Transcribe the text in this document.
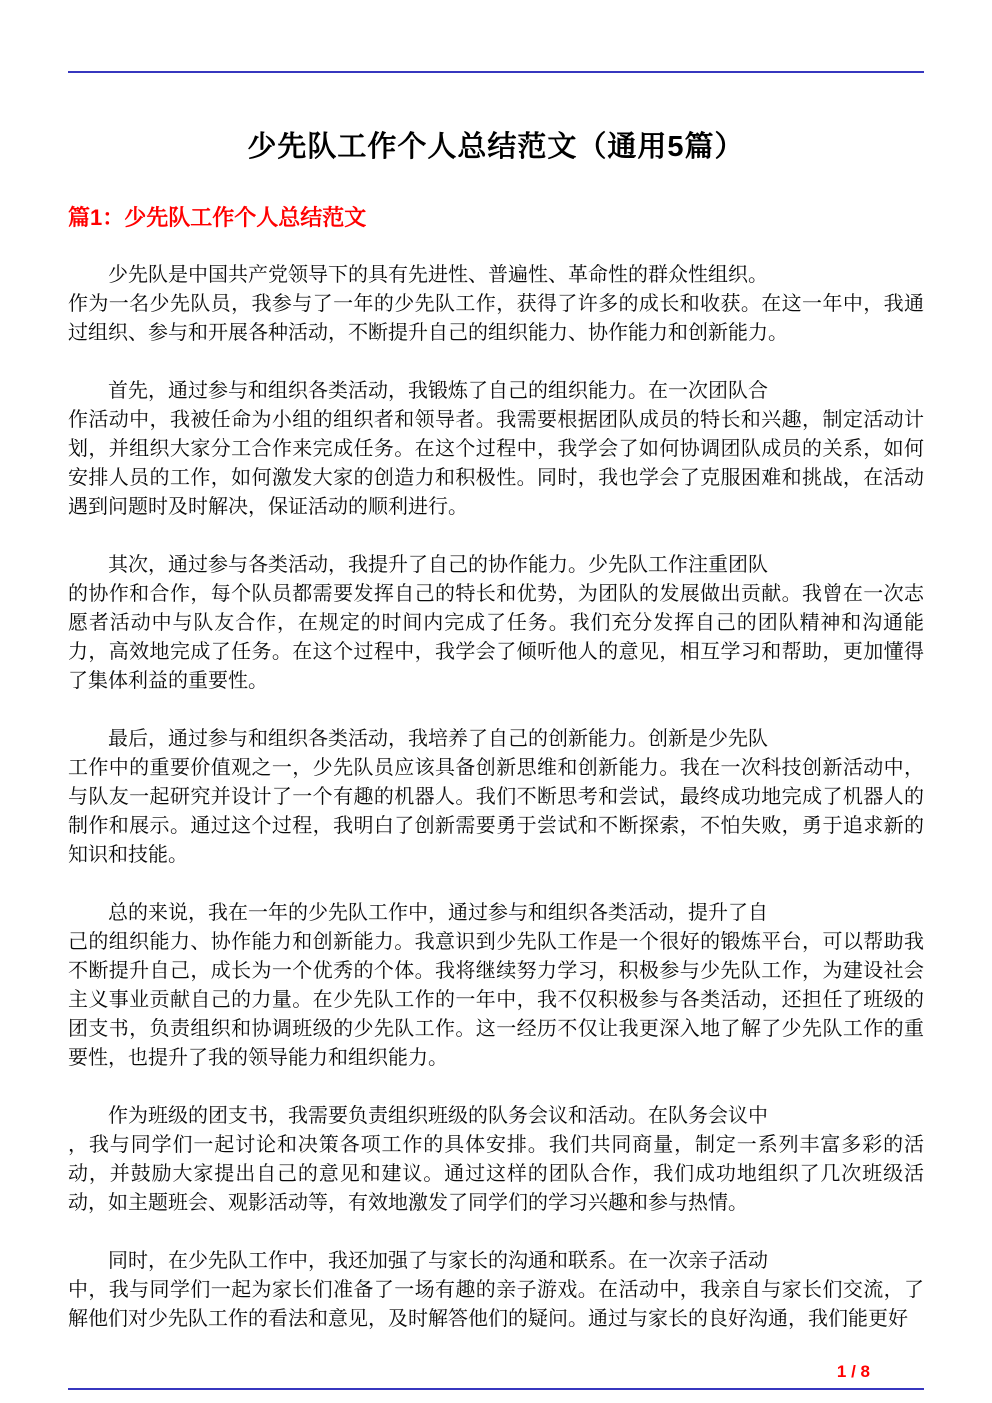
少先队工作个人总结范文（通用5篇）
篇1：少先队工作个人总结范文

　　少先队是中国共产党领导下的具有先进性、普遍性、革命性的群众性组织。
作为一名少先队员，我参与了一年的少先队工作，获得了许多的成长和收获。在这一年中，我通过组织、参与和开展各种活动，不断提升自己的组织能力、协作能力和创新能力。

　　首先，通过参与和组织各类活动，我锻炼了自己的组织能力。在一次团队合
作活动中，我被任命为小组的组织者和领导者。我需要根据团队成员的特长和兴趣，制定活动计划，并组织大家分工合作来完成任务。在这个过程中，我学会了如何协调团队成员的关系，如何安排人员的工作，如何激发大家的创造力和积极性。同时，我也学会了克服困难和挑战，在活动遇到问题时及时解决，保证活动的顺利进行。

　　其次，通过参与各类活动，我提升了自己的协作能力。少先队工作注重团队
的协作和合作，每个队员都需要发挥自己的特长和优势，为团队的发展做出贡献。我曾在一次志愿者活动中与队友合作，在规定的时间内完成了任务。我们充分发挥自己的团队精神和沟通能力，高效地完成了任务。在这个过程中，我学会了倾听他人的意见，相互学习和帮助，更加懂得了集体利益的重要性。

　　最后，通过参与和组织各类活动，我培养了自己的创新能力。创新是少先队
工作中的重要价值观之一，少先队员应该具备创新思维和创新能力。我在一次科技创新活动中，与队友一起研究并设计了一个有趣的机器人。我们不断思考和尝试，最终成功地完成了机器人的制作和展示。通过这个过程，我明白了创新需要勇于尝试和不断探索，不怕失败，勇于追求新的知识和技能。

　　总的来说，我在一年的少先队工作中，通过参与和组织各类活动，提升了自
己的组织能力、协作能力和创新能力。我意识到少先队工作是一个很好的锻炼平台，可以帮助我不断提升自己，成长为一个优秀的个体。我将继续努力学习，积极参与少先队工作，为建设社会主义事业贡献自己的力量。在少先队工作的一年中，我不仅积极参与各类活动，还担任了班级的团支书，负责组织和协调班级的少先队工作。这一经历不仅让我更深入地了解了少先队工作的重要性，也提升了我的领导能力和组织能力。

　　作为班级的团支书，我需要负责组织班级的队务会议和活动。在队务会议中
，我与同学们一起讨论和决策各项工作的具体安排。我们共同商量，制定一系列丰富多彩的活动，并鼓励大家提出自己的意见和建议。通过这样的团队合作，我们成功地组织了几次班级活动，如主题班会、观影活动等，有效地激发了同学们的学习兴趣和参与热情。

　　同时，在少先队工作中，我还加强了与家长的沟通和联系。在一次亲子活动
中，我与同学们一起为家长们准备了一场有趣的亲子游戏。在活动中，我亲自与家长们交流，了解他们对少先队工作的看法和意见，及时解答他们的疑问。通过与家长的良好沟通，我们能更好

1 / 8
